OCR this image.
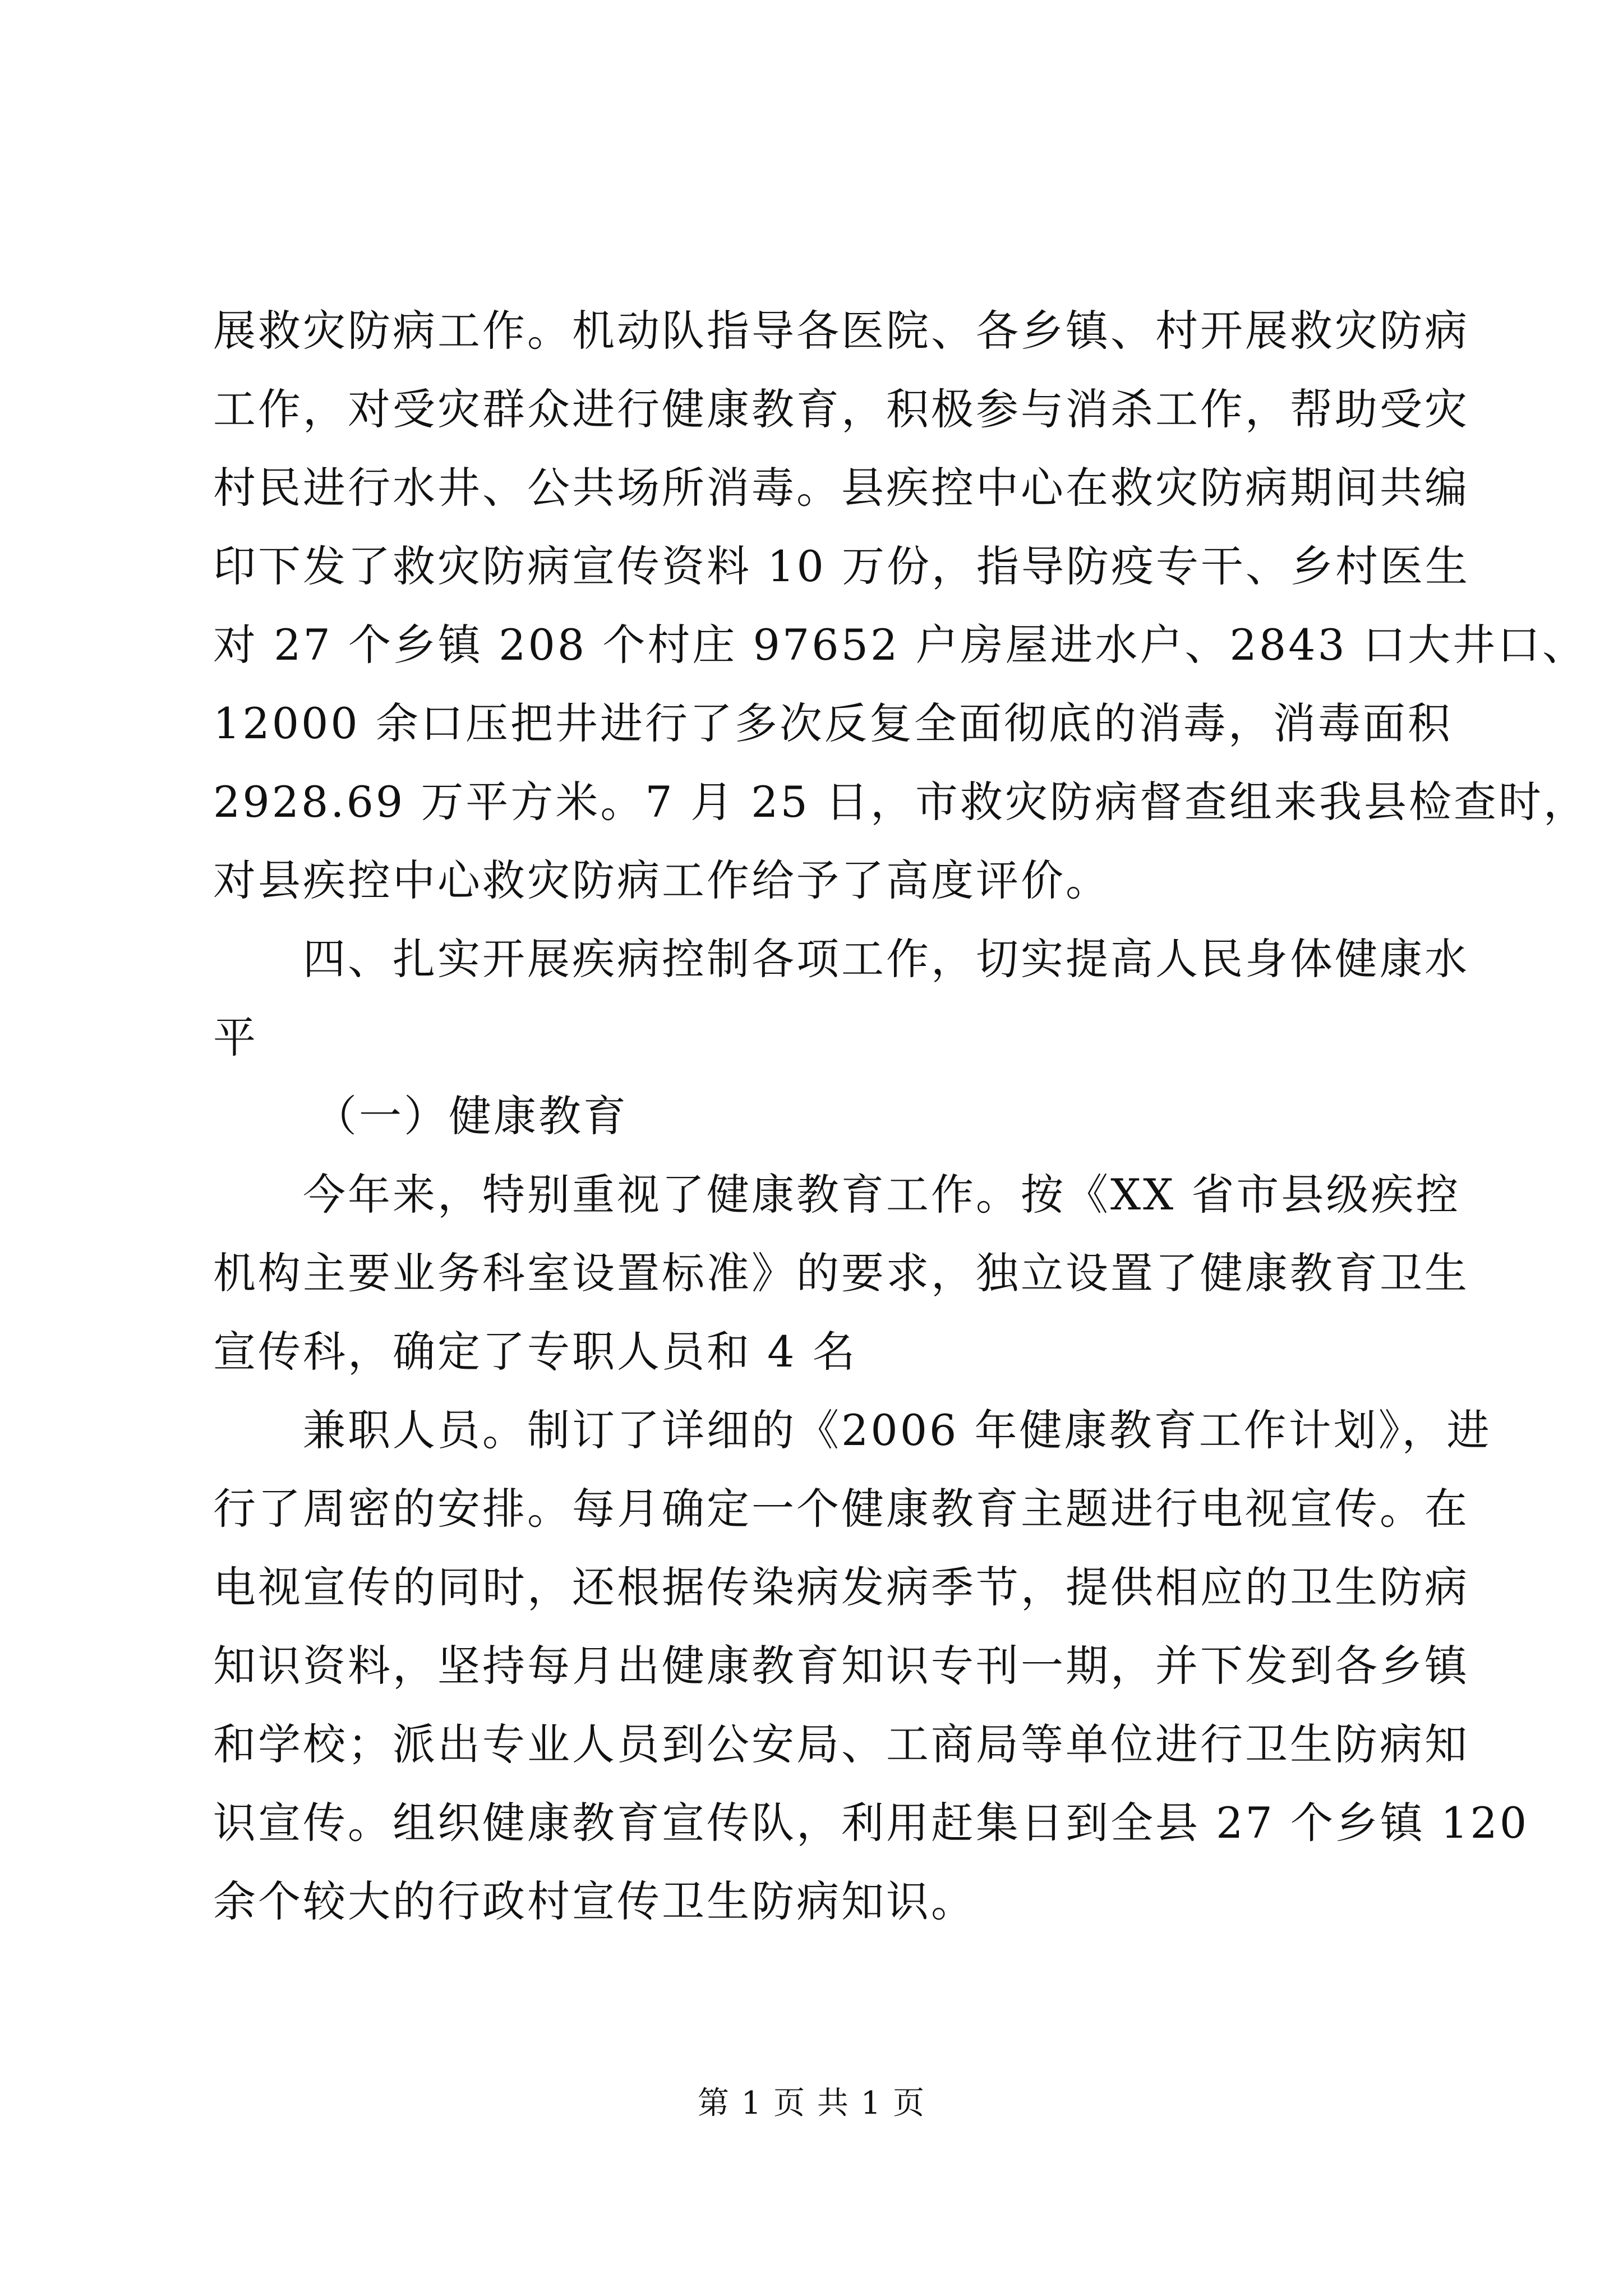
展救灾防病工作。机动队指导各医院、各乡镇、村开展救灾防病

工作，对受灾群众进行健康教育，积极参与消杀工作，帮助受灾

村民进行水井、公共场所消毒。县疾控中心在救灾防病期间共编

印下发了救灾防病宣传资料 10 万份，指导防疫专干、乡村医生

对 27 个乡镇 208 个村庄 97652 户房屋进水户、2843 口大井口、

12000 余口压把井进行了多次反复全面彻底的消毒，消毒面积

2928.69 万平方米。7 月 25 日，市救灾防病督查组来我县检查时，

对县疾控中心救灾防病工作给予了高度评价。

四、扎实开展疾病控制各项工作，切实提高人民身体健康水

平

（一）健康教育

今年来，特别重视了健康教育工作。按《XX 省市县级疾控

机构主要业务科室设置标准》的要求，独立设置了健康教育卫生

宣传科，确定了专职人员和 4 名

兼职人员。制订了详细的《2006 年健康教育工作计划》，进

行了周密的安排。每月确定一个健康教育主题进行电视宣传。在

电视宣传的同时，还根据传染病发病季节，提供相应的卫生防病

知识资料，坚持每月出健康教育知识专刊一期，并下发到各乡镇

和学校；派出专业人员到公安局、工商局等单位进行卫生防病知

识宣传。组织健康教育宣传队，利用赶集日到全县 27 个乡镇 120

余个较大的行政村宣传卫生防病知识。

第 1 页 共 1 页
